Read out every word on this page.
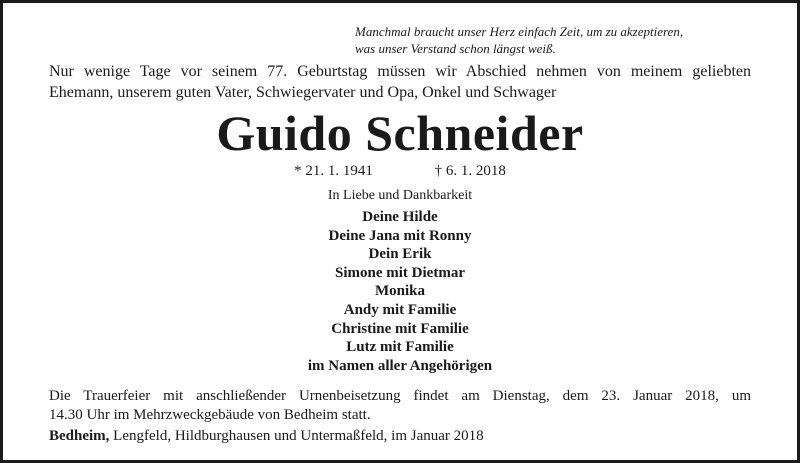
Manchmal braucht unser Herz einfach Zeit, um zu akzeptieren,
was unser Verstand schon längst weiß.
Nur wenige Tage vor seinem 77. Geburtstag müssen wir Abschied nehmen von meinem geliebten
Ehemann, unserem guten Vater, Schwiegervater und Opa, Onkel und Schwager
Guido Schneider
* 21. 1. 1941	† 6. 1. 2018
In Liebe und Dankbarkeit
Deine Hilde
Deine Jana mit Ronny
Dein Erik
Simone mit Dietmar
Monika
Andy mit Familie
Christine mit Familie
Lutz mit Familie
im Namen aller Angehörigen
Die Trauerfeier mit anschließender Urnenbeisetzung findet am Dienstag, dem 23. Januar 2018, um
14.30 Uhr im Mehrzweckgebäude von Bedheim statt.
Bedheim, Lengfeld, Hildburghausen und Untermaßfeld, im Januar 2018
